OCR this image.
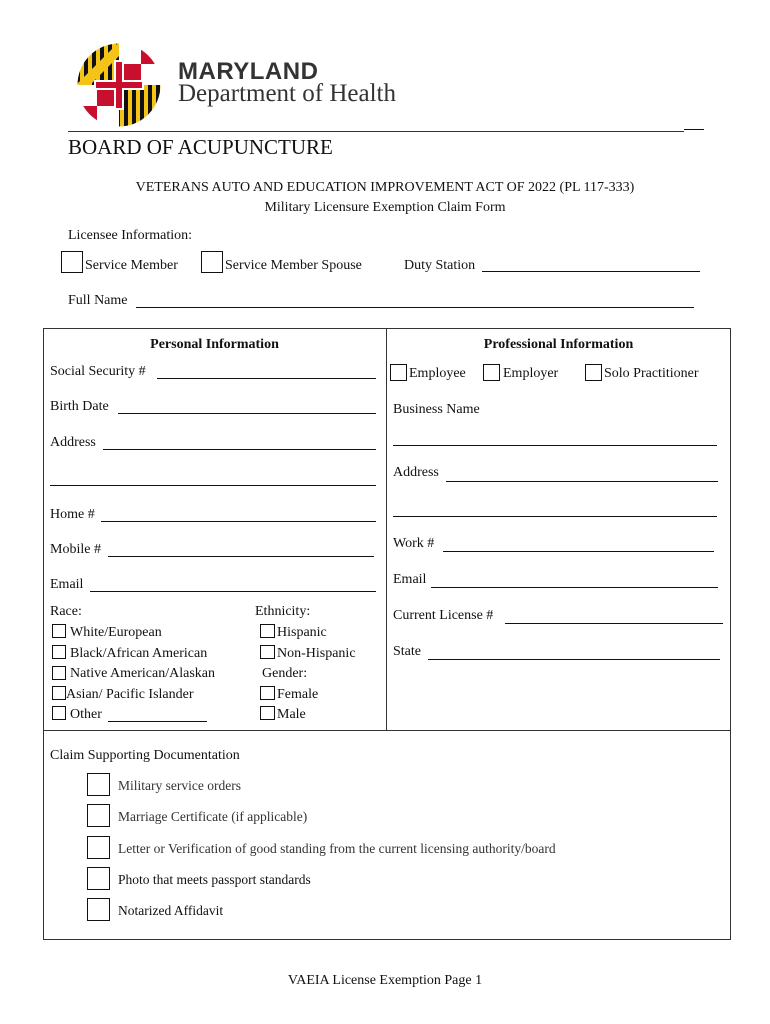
MARYLAND
Department of Health
BOARD OF ACUPUNCTURE
VETERANS AUTO AND EDUCATION IMPROVEMENT ACT OF 2022 (PL 117-333)
Military Licensure Exemption Claim Form
Licensee Information:
Service Member	Service Member Spouse	Duty Station
Full Name
Personal Information
Social Security #
Birth Date
Address
Home #
Mobile #
Email
Race:
White/European
Black/African American
Native American/Alaskan
Asian/ Pacific Islander
Other
Ethnicity:
Hispanic
Non-Hispanic
Gender:
Female
Male
Professional Information
Employee	Employer	Solo Practitioner
Business Name
Address
Work #
Email
Current License #
State
Claim Supporting Documentation
Military service orders
Marriage Certificate (if applicable)
Letter or Verification of good standing from the current licensing authority/board
Photo that meets passport standards
Notarized Affidavit
VAEIA License Exemption Page 1
